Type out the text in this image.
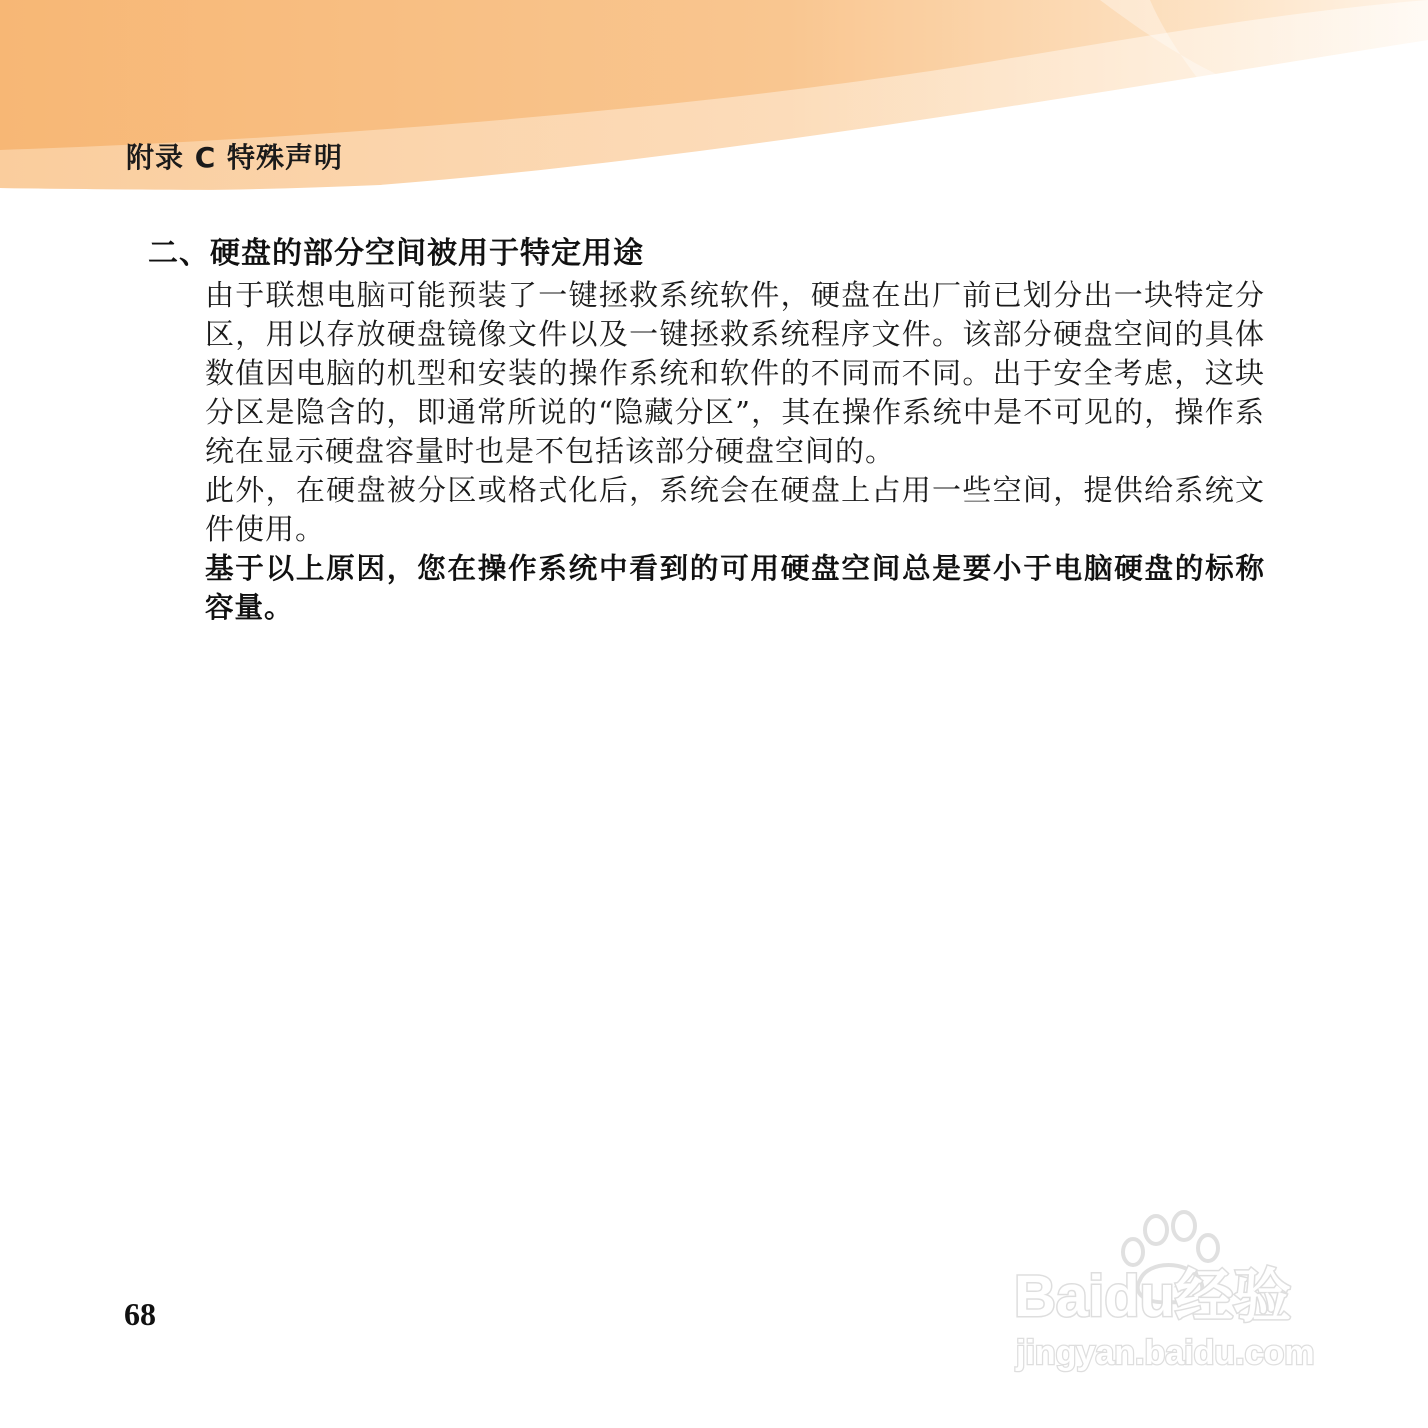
附录 C 特殊声明

二、硬盘的部分空间被用于特定用途

由于联想电脑可能预装了一键拯救系统软件，硬盘在出厂前已划分出一块特定分区，用以存放硬盘镜像文件以及一键拯救系统程序文件。该部分硬盘空间的具体数值因电脑的机型和安装的操作系统和软件的不同而不同。出于安全考虑，这块分区是隐含的，即通常所说的“隐藏分区”，其在操作系统中是不可见的，操作系统在显示硬盘容量时也是不包括该部分硬盘空间的。

此外，在硬盘被分区或格式化后，系统会在硬盘上占用一些空间，提供给系统文件使用。

基于以上原因，您在操作系统中看到的可用硬盘空间总是要小于电脑硬盘的标称容量。

68	Baidu经验
jingyan.baidu.com
